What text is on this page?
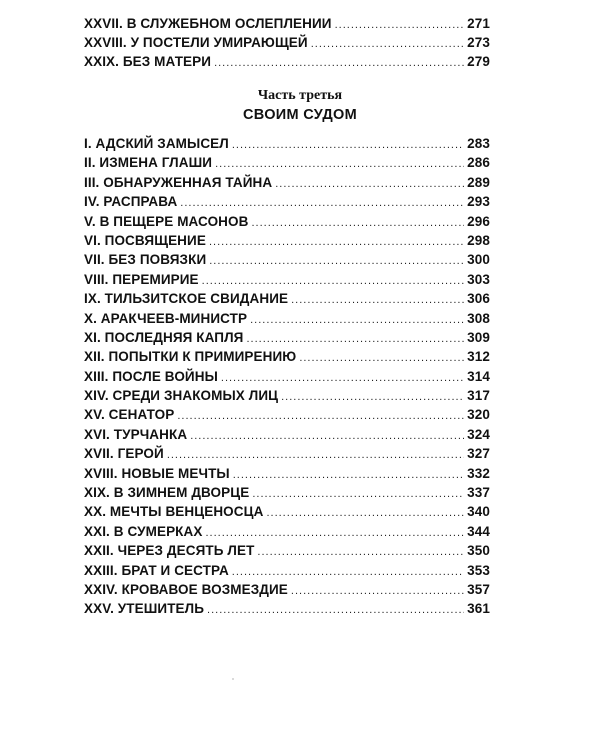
XXVII. В СЛУЖЕБНОМ ОСЛЕПЛЕНИИ .....	271
XXVIII. У ПОСТЕЛИ УМИРАЮЩЕЙ .....	273
XXIX. БЕЗ МАТЕРИ .....	279
Часть третья
СВОИМ СУДОМ
I. АДСКИЙ ЗАМЫСЕЛ .....	283
II. ИЗМЕНА ГЛАШИ .....	286
III. ОБНАРУЖЕННАЯ ТАЙНА .....	289
IV. РАСПРАВА .....	293
V. В ПЕЩЕРЕ МАСОНОВ .....	296
VI. ПОСВЯЩЕНИЕ .....	298
VII. БЕЗ ПОВЯЗКИ .....	300
VIII. ПЕРЕМИРИЕ .....	303
IX. ТИЛЬЗИТСКОЕ СВИДАНИЕ .....	306
X. АРАКЧЕЕВ-МИНИСТР .....	308
XI. ПОСЛЕДНЯЯ КАПЛЯ .....	309
XII. ПОПЫТКИ К ПРИМИРЕНИЮ .....	312
XIII. ПОСЛЕ ВОЙНЫ .....	314
XIV. СРЕДИ ЗНАКОМЫХ ЛИЦ .....	317
XV. СЕНАТОР .....	320
XVI. ТУРЧАНКА .....	324
XVII. ГЕРОЙ .....	327
XVIII. НОВЫЕ МЕЧТЫ .....	332
XIX. В ЗИМНЕМ ДВОРЦЕ .....	337
XX. МЕЧТЫ ВЕНЦЕНОСЦА .....	340
XXI. В СУМЕРКАХ .....	344
XXII. ЧЕРЕЗ ДЕСЯТЬ ЛЕТ .....	350
XXIII. БРАТ И СЕСТРА .....	353
XXIV. КРОВАВОЕ ВОЗМЕЗДИЕ .....	357
XXV. УТЕШИТЕЛЬ .....	361
